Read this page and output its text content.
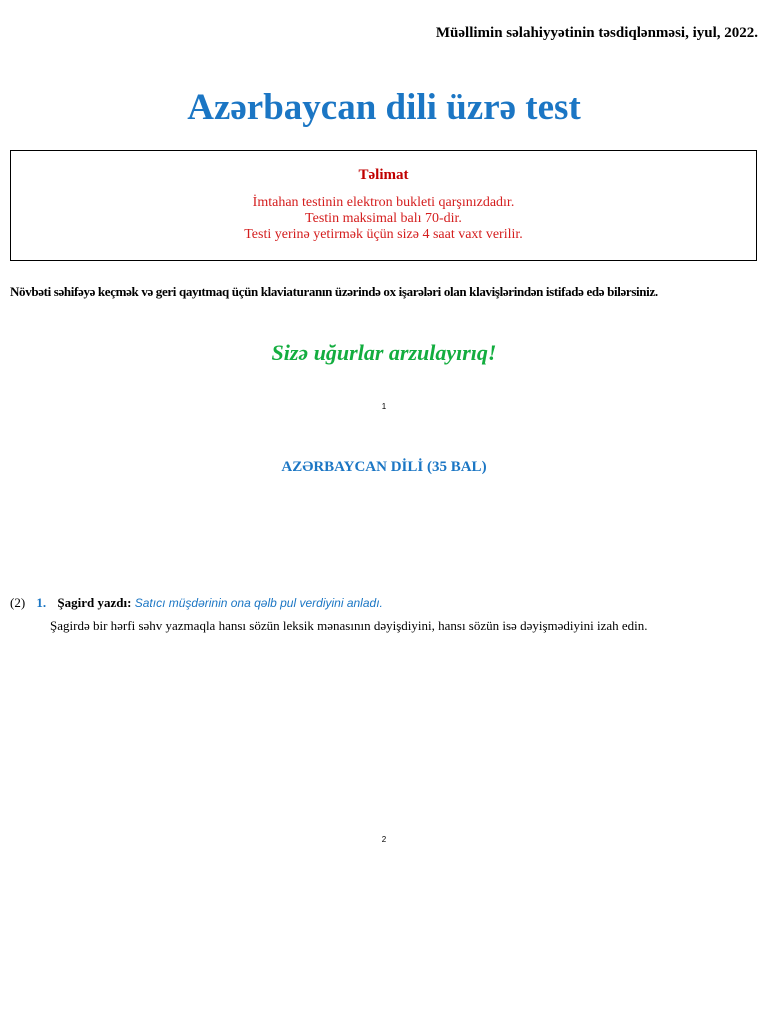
Müəllimin səlahiyyətinin təsdiqlənməsi, iyul, 2022.
Azərbaycan dili üzrə test
Təlimat
İmtahan testinin elektron bukleti qarşınızdadır.
Testin maksimal balı 70-dir.
Testi yerinə yetirmək üçün sizə 4 saat vaxt verilir.
Növbəti səhifəyə keçmək və geri qayıtmaq üçün klaviaturanın üzərində ox işarələri olan klavişlərindən istifadə edə bilərsiniz.
Sizə uğurlar arzulayırıq!
1
AZƏRBAYCAN DİLİ (35 BAL)
(2) 1. Şagird yazdı: Satıcı müşdərinin ona qəlb pul verdiyini anladı.
Şagirdə bir hərfi səhv yazmaqla hansı sözün leksik mənasının dəyişdiyini, hansı sözün isə dəyişmədiyini izah edin.
2
